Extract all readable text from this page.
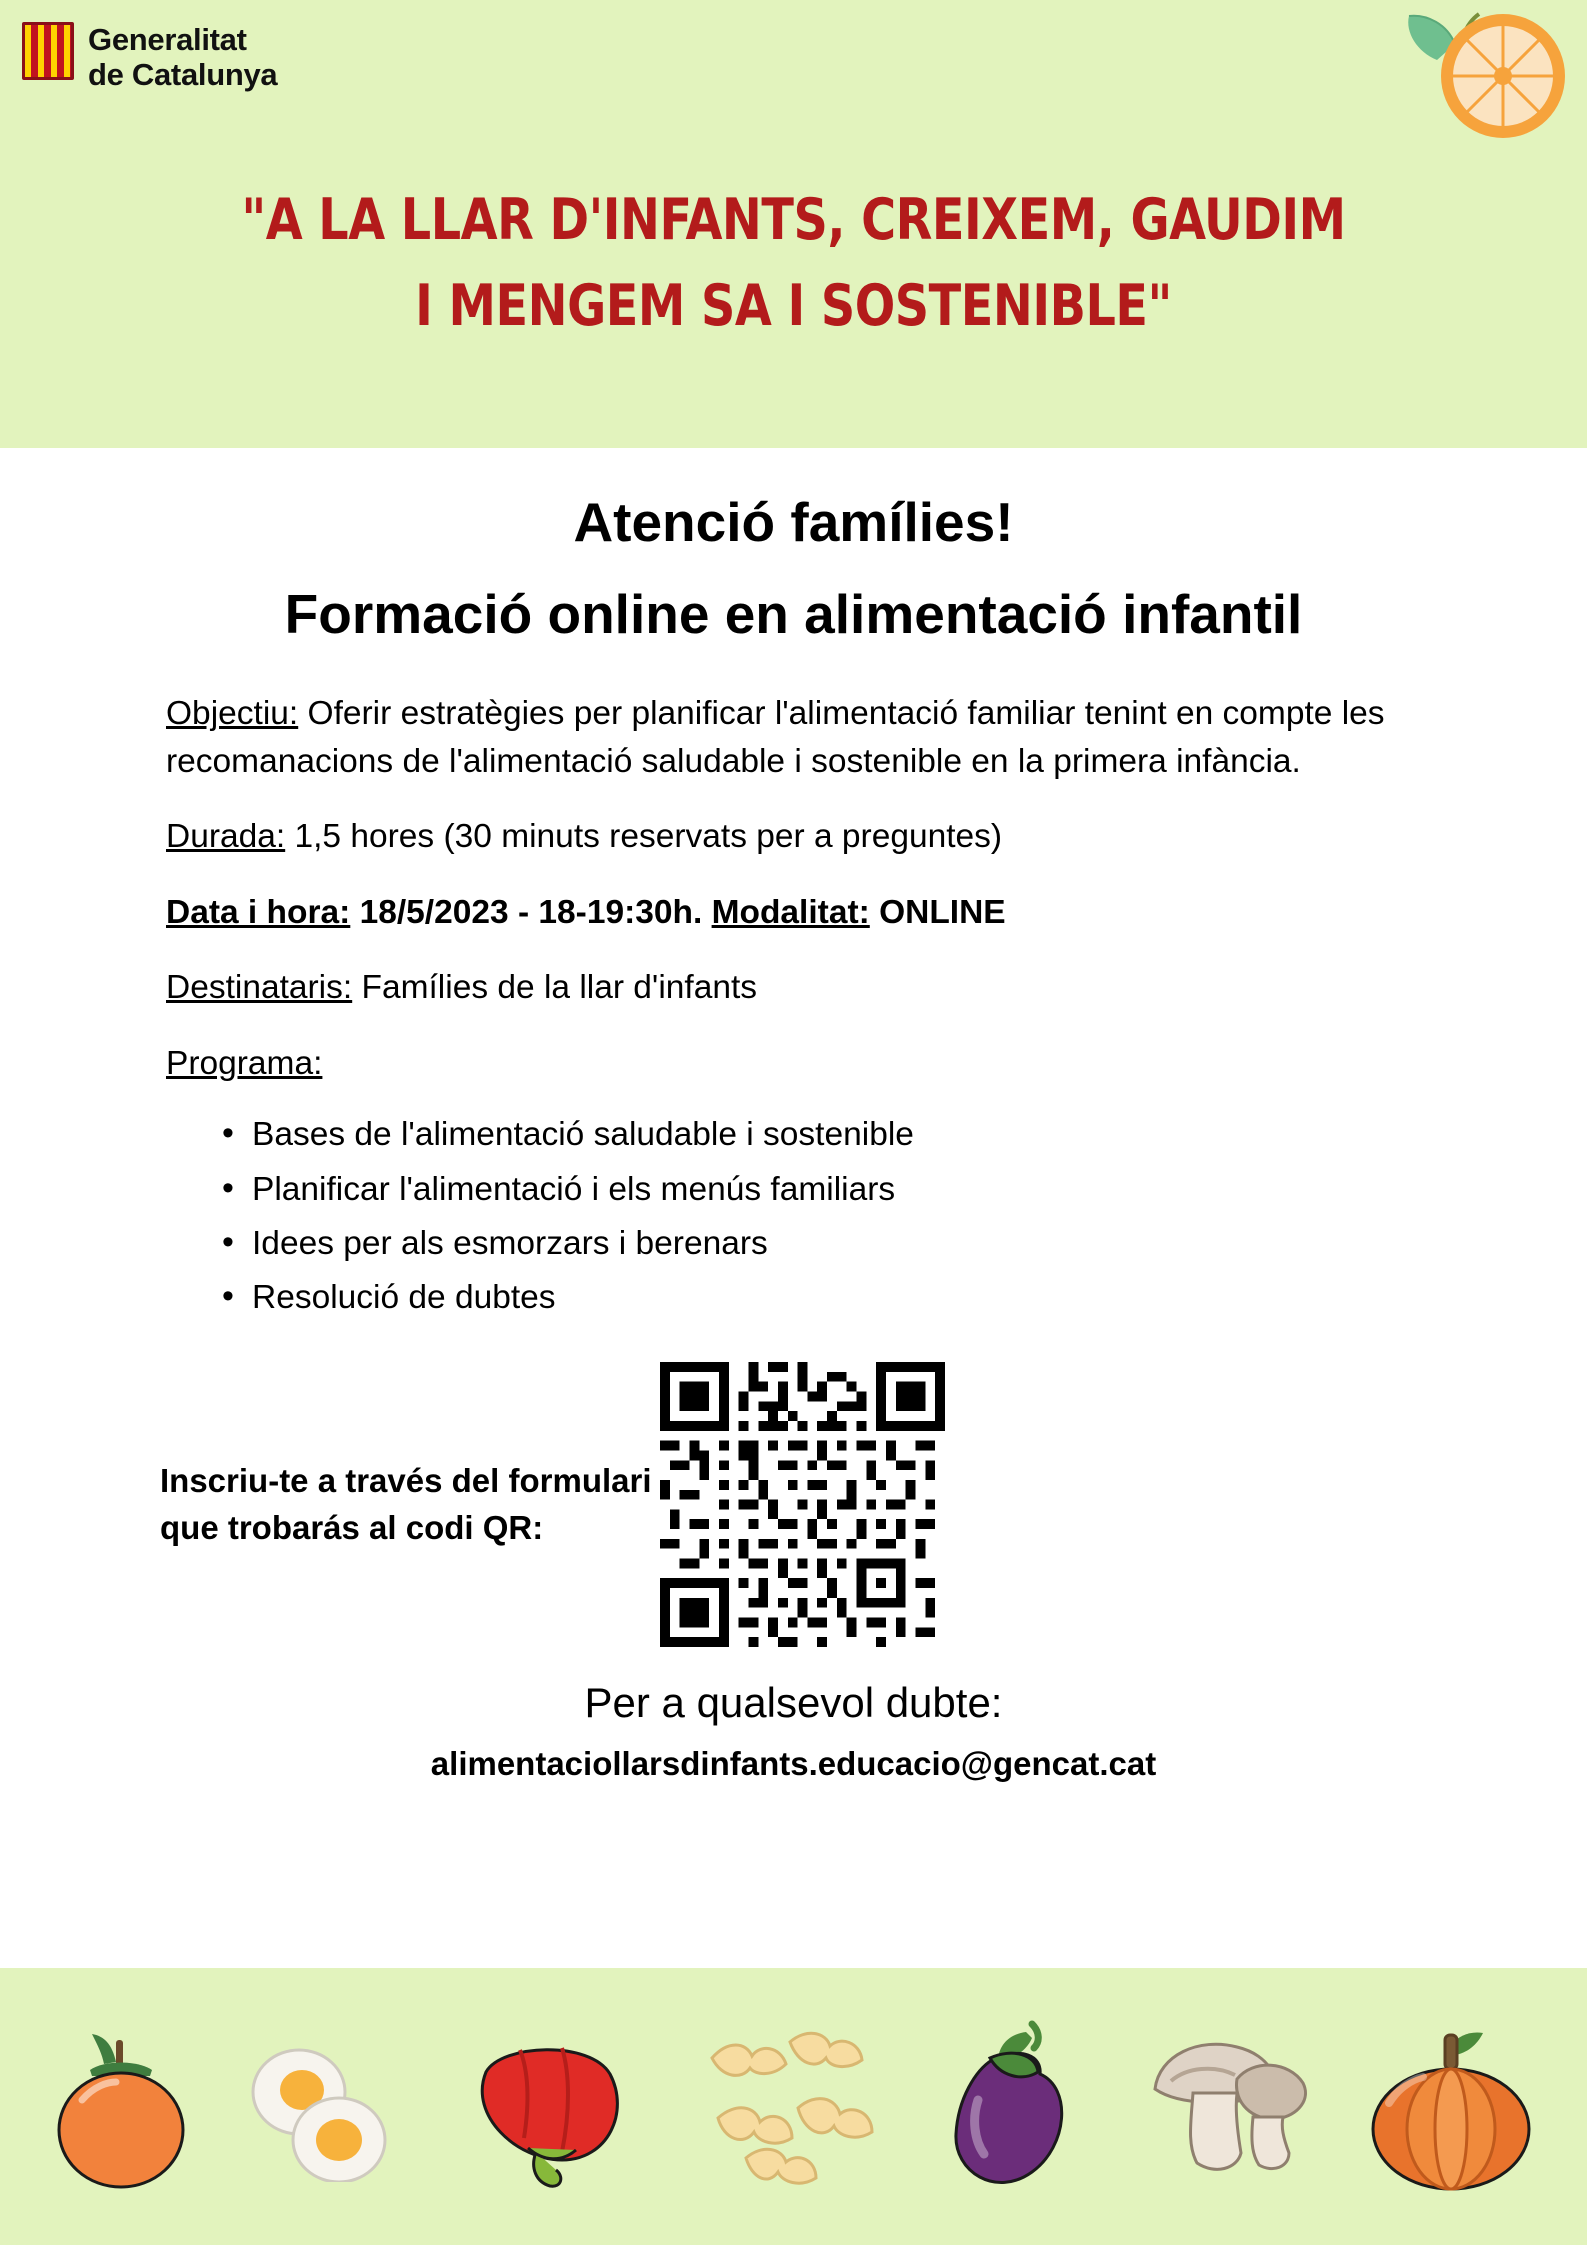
Generalitat
de Catalunya
"A LA LLAR D'INFANTS, CREIXEM, GAUDIM
I MENGEM SA I SOSTENIBLE"
Atenció famílies!
Formació online en alimentació infantil
Objectiu: Oferir estratègies per planificar l'alimentació familiar tenint en compte les recomanacions de l'alimentació saludable i sostenible en la primera infància.
Durada: 1,5 hores (30 minuts reservats per a preguntes)
Data i hora: 18/5/2023 - 18-19:30h. Modalitat: ONLINE
Destinataris: Famílies de la llar d'infants
Programa:
• Bases de l'alimentació saludable i sostenible
• Planificar l'alimentació i els menús familiars
• Idees per als esmorzars i berenars
• Resolució de dubtes
Inscriu-te a través del formulari que trobarás al codi QR:
Per a qualsevol dubte:
alimentaciollarsdinfants.educacio@gencat.cat
